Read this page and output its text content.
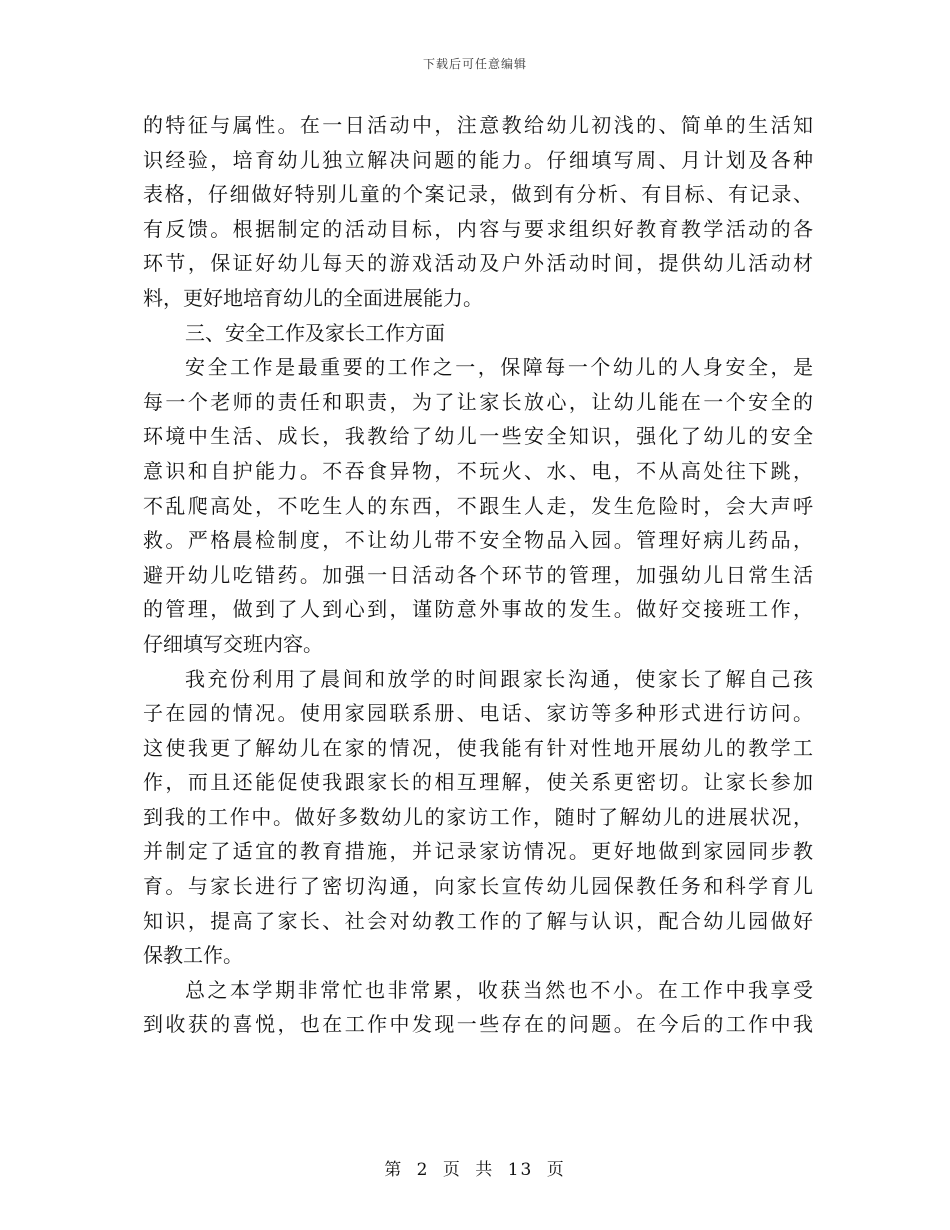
下载后可任意编辑
的特征与属性。在一日活动中，注意教给幼儿初浅的、简单的生活知
识经验，培育幼儿独立解决问题的能力。仔细填写周、月计划及各种
表格，仔细做好特别儿童的个案记录，做到有分析、有目标、有记录、
有反馈。根据制定的活动目标，内容与要求组织好教育教学活动的各
环节，保证好幼儿每天的游戏活动及户外活动时间，提供幼儿活动材
料，更好地培育幼儿的全面进展能力。
三、安全工作及家长工作方面
安全工作是最重要的工作之一，保障每一个幼儿的人身安全，是
每一个老师的责任和职责，为了让家长放心，让幼儿能在一个安全的
环境中生活、成长，我教给了幼儿一些安全知识，强化了幼儿的安全
意识和自护能力。不吞食异物，不玩火、水、电，不从高处往下跳，
不乱爬高处，不吃生人的东西，不跟生人走，发生危险时，会大声呼
救。严格晨检制度，不让幼儿带不安全物品入园。管理好病儿药品，
避开幼儿吃错药。加强一日活动各个环节的管理，加强幼儿日常生活
的管理，做到了人到心到，谨防意外事故的发生。做好交接班工作，
仔细填写交班内容。
我充份利用了晨间和放学的时间跟家长沟通，使家长了解自己孩
子在园的情况。使用家园联系册、电话、家访等多种形式进行访问。
这使我更了解幼儿在家的情况，使我能有针对性地开展幼儿的教学工
作，而且还能促使我跟家长的相互理解，使关系更密切。让家长参加
到我的工作中。做好多数幼儿的家访工作，随时了解幼儿的进展状况，
并制定了适宜的教育措施，并记录家访情况。更好地做到家园同步教
育。与家长进行了密切沟通，向家长宣传幼儿园保教任务和科学育儿
知识，提高了家长、社会对幼教工作的了解与认识，配合幼儿园做好
保教工作。
总之本学期非常忙也非常累，收获当然也不小。在工作中我享受
到收获的喜悦，也在工作中发现一些存在的问题。在今后的工作中我
第 2 页 共 13 页
